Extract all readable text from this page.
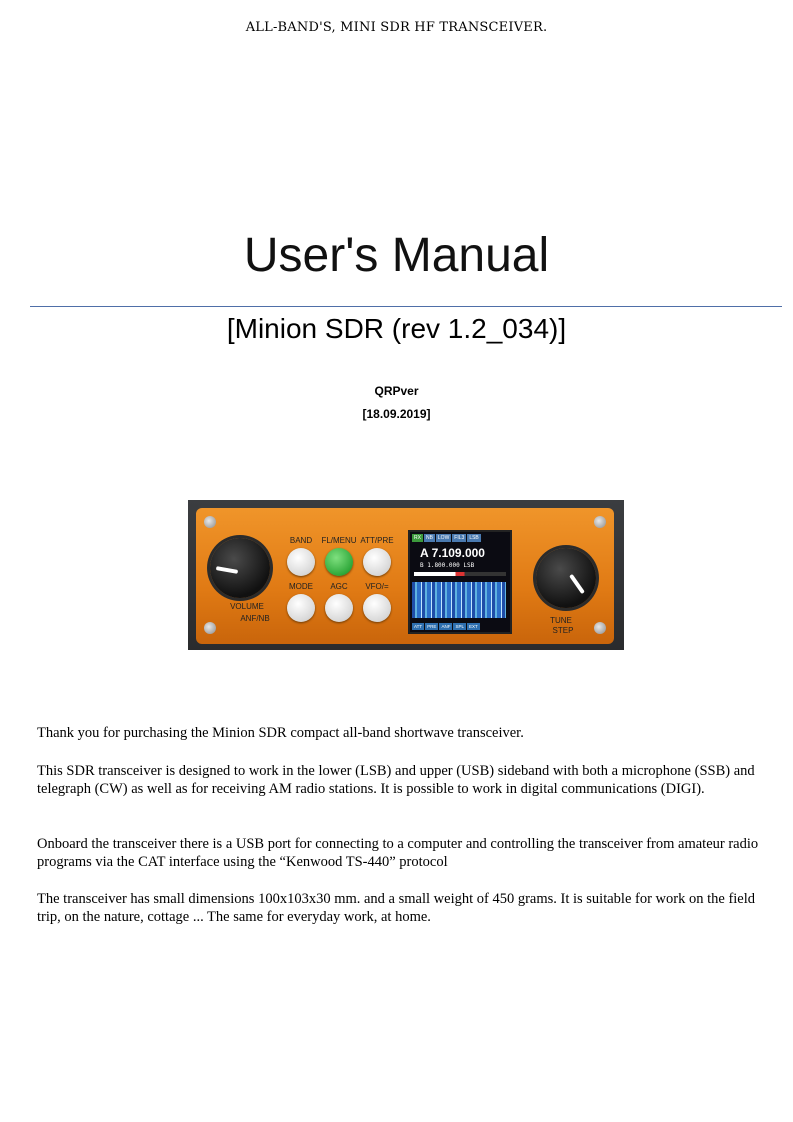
ALL-BAND'S, MINI SDR HF TRANSCEIVER.
User's Manual
[Minion SDR (rev 1.2_034)]
QRPver
[18.09.2019]
VOLUME
ANF/NB
BAND	FL/MENU ATT/PRE
MODE	AGC	VFO/=
RX	NB	LOW	FIL3	LSB
A 7.109.000
B 1.800.000 LSB
ATT	PRE	ANF	SPL	EXT
TUNE
STEP
Thank you for purchasing the Minion SDR compact all-band shortwave transceiver.
This SDR transceiver is designed to work in the lower (LSB) and upper (USB) sideband with both a microphone (SSB) and telegraph (CW) as well as for receiving AM radio stations. It is possible to work in digital communications (DIGI).
Onboard the transceiver there is a USB port for connecting to a computer and controlling the transceiver from amateur radio programs via the CAT interface using the “Kenwood TS-440” protocol
The transceiver has small dimensions 100x103x30 mm. and a small weight of 450 grams. It is suitable for work on the field trip, on the nature, cottage ... The same for everyday work, at home.
